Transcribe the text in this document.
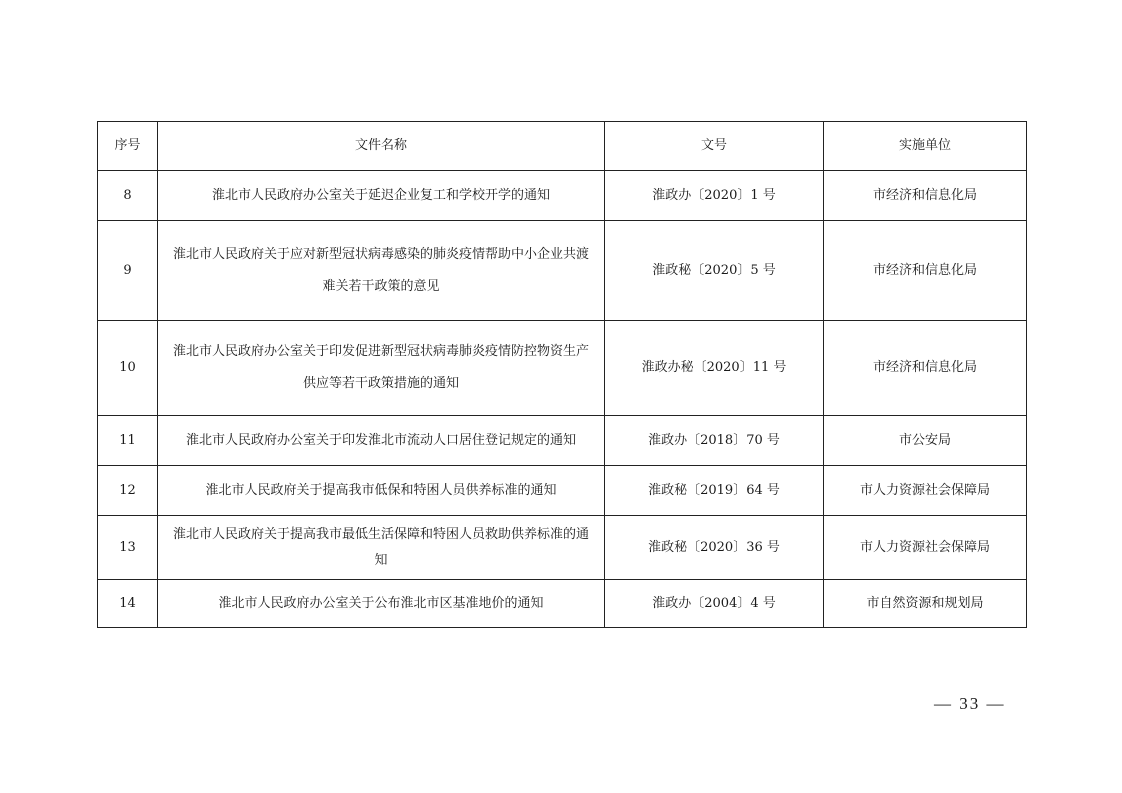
序号	文件名称	文号	实施单位
8	淮北市人民政府办公室关于延迟企业复工和学校开学的通知	淮政办〔2020〕1 号	市经济和信息化局
9	淮北市人民政府关于应对新型冠状病毒感染的肺炎疫情帮助中小企业共渡难关若干政策的意见	淮政秘〔2020〕5 号	市经济和信息化局
10	淮北市人民政府办公室关于印发促进新型冠状病毒肺炎疫情防控物资生产供应等若干政策措施的通知	淮政办秘〔2020〕11 号	市经济和信息化局
11	淮北市人民政府办公室关于印发淮北市流动人口居住登记规定的通知	淮政办〔2018〕70 号	市公安局
12	淮北市人民政府关于提高我市低保和特困人员供养标准的通知	淮政秘〔2019〕64 号	市人力资源社会保障局
13	淮北市人民政府关于提高我市最低生活保障和特困人员救助供养标准的通知	淮政秘〔2020〕36 号	市人力资源社会保障局
14	淮北市人民政府办公室关于公布淮北市区基准地价的通知	淮政办〔2004〕4 号	市自然资源和规划局
— 33 —
